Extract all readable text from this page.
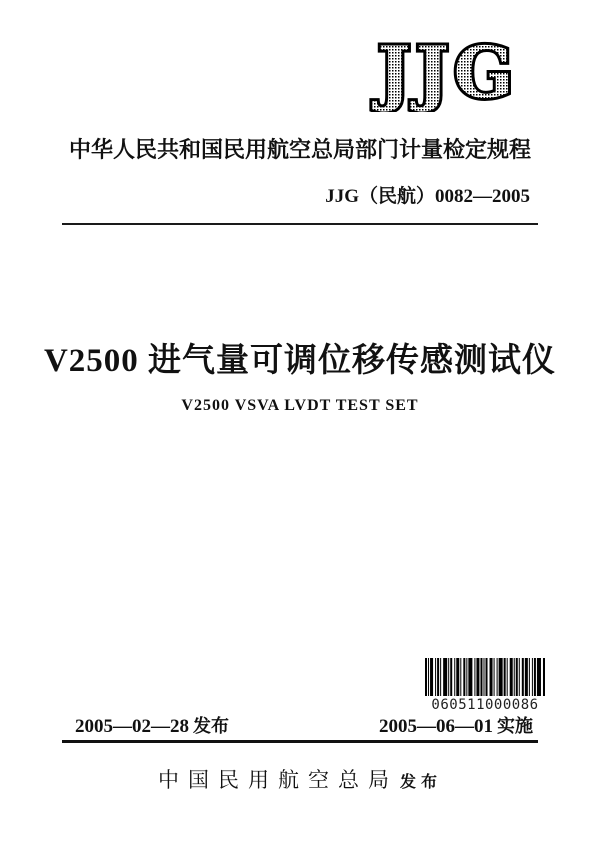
JJG
中华人民共和国民用航空总局部门计量检定规程
JJG（民航）0082—2005
V2500 进气量可调位移传感测试仪
V2500 VSVA LVDT TEST SET
060511000086
2005—02—28 发布	2005—06—01 实施
中国民用航空总局 发布
